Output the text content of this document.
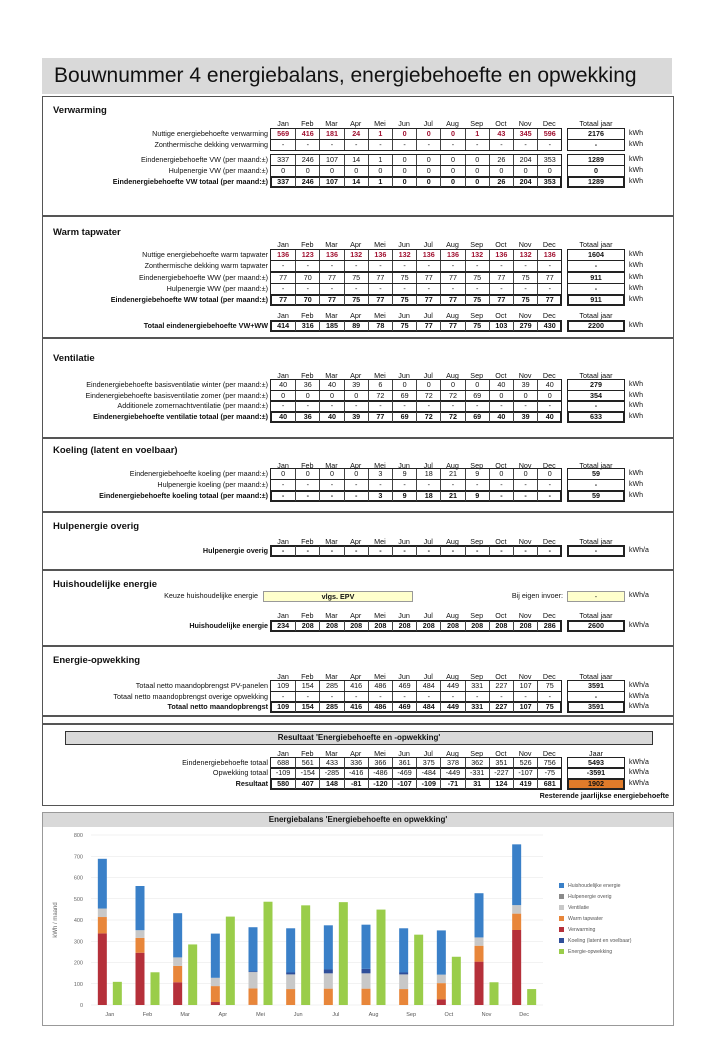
Bouwnummer 4 energiebalans, energiebehoefte en opwekking
Verwarming
Jan	Feb	Mar	Apr	Mei	Jun	Jul	Aug	Sep	Oct	Nov	Dec	Totaal jaar
Nuttige energiebehoefte verwarming	569	416	181	24	1	0	0	0	1	43	345	596	2176	kWh
Zonthermische dekking verwarming	-	-	-	-	-	-	-	-	-	-	-	-	-	kWh
Eindenergiebehoefte VW (per maand:±)	337	246	107	14	1	0	0	0	0	26	204	353	1289	kWh
Hulpenergie VW (per maand:±)	0	0	0	0	0	0	0	0	0	0	0	0	0	kWh
Eindenergiebehoefte VW totaal (per maand:±)	337	246	107	14	1	0	0	0	0	26	204	353	1289	kWh
Warm tapwater
Jan	Feb	Mar	Apr	Mei	Jun	Jul	Aug	Sep	Oct	Nov	Dec	Totaal jaar
Nuttige energiebehoefte warm tapwater	136	123	136	132	136	132	136	136	132	136	132	136	1604	kWh
Zonthermische dekking warm tapwater	-	-	-	-	-	-	-	-	-	-	-	-	-	kWh
Eindenergiebehoefte WW (per maand:±)	77	70	77	75	77	75	77	77	75	77	75	77	911	kWh
Hulpenergie WW (per maand:±)	-	-	-	-	-	-	-	-	-	-	-	-	-	kWh
Eindenergiebehoefte WW totaal (per maand:±)	77	70	77	75	77	75	77	77	75	77	75	77	911	kWh
Jan	Feb	Mar	Apr	Mei	Jun	Jul	Aug	Sep	Oct	Nov	Dec	Totaal jaar
Totaal eindenergiebehoefte VW+WW	414	316	185	89	78	75	77	77	75	103	279	430	2200	kWh
Ventilatie
Jan	Feb	Mar	Apr	Mei	Jun	Jul	Aug	Sep	Oct	Nov	Dec	Totaal jaar
Eindenergiebehoefte basisventilatie winter (per maand:±)	40	36	40	39	6	0	0	0	0	40	39	40	279	kWh
Eindenergiebehoefte basisventilatie zomer (per maand:±)	0	0	0	0	72	69	72	72	69	0	0	0	354	kWh
Additionele zomernachtventilatie (per maand:±)	-	-	-	-	-	-	-	-	-	-	-	-	-	kWh
Eindenergiebehoefte ventilatie totaal (per maand:±)	40	36	40	39	77	69	72	72	69	40	39	40	633	kWh
Koeling (latent en voelbaar)
Jan	Feb	Mar	Apr	Mei	Jun	Jul	Aug	Sep	Oct	Nov	Dec	Totaal jaar
Eindenergiebehoefte koeling (per maand:±)	0	0	0	0	3	9	18	21	9	0	0	0	59	kWh
Hulpenergie koeling (per maand:±)	-	-	-	-	-	-	-	-	-	-	-	-	-	kWh
Eindenergiebehoefte koeling totaal (per maand:±)	-	-	-	-	3	9	18	21	9	-	-	-	59	kWh
Hulpenergie overig
Jan	Feb	Mar	Apr	Mei	Jun	Jul	Aug	Sep	Oct	Nov	Dec	Totaal jaar
Hulpenergie overig	-	-	-	-	-	-	-	-	-	-	-	-	-	kWh/a
Huishoudelijke energie
Jan	Feb	Mar	Apr	Mei	Jun	Jul	Aug	Sep	Oct	Nov	Dec	Totaal jaar
Huishoudelijke energie	234	208	208	208	208	208	208	208	208	208	208	286	2600	kWh/a
Keuze huishoudelijke energie	vlgs. EPV	Bij eigen invoer:	-	kWh/a
Energie-opwekking
Jan	Feb	Mar	Apr	Mei	Jun	Jul	Aug	Sep	Oct	Nov	Dec	Totaal jaar
Totaal netto maandopbrengst PV-panelen	109	154	285	416	486	469	484	449	331	227	107	75	3591	kWh/a
Totaal netto maandopbrengst overige opwekking	-	-	-	-	-	-	-	-	-	-	-	-	-	kWh/a
Totaal netto maandopbrengst	109	154	285	416	486	469	484	449	331	227	107	75	3591	kWh/a
Resultaat 'Energiebehoefte en -opwekking'
Jan	Feb	Mar	Apr	Mei	Jun	Jul	Aug	Sep	Oct	Nov	Dec	Jaar
Eindenergiebehoefte totaal	688	561	433	336	366	361	375	378	362	351	526	756	5493	kWh/a
Opwekking totaal	-109	-154	-285	-416	-486	-469	-484	-449	-331	-227	-107	-75	-3591	kWh/a
Resultaat	580	407	148	-81	-120	-107	-109	-71	31	124	419	681	1902	kWh/a
Resterende jaarlijkse energiebehoefte
Energiebalans 'Energiebehoefte en opwekking'
0
100
200
300
400
500
600
700
800
kWh / maand
Jan	Feb	Mar	Apr	Mei	Jun	Jul	Aug	Sep	Oct	Nov	Dec
Huishoudelijke energie
Hulpenergie overig
Ventilatie
Warm tapwater
Verwarming
Koeling (latent en voelbaar)
Energie-opwekking
